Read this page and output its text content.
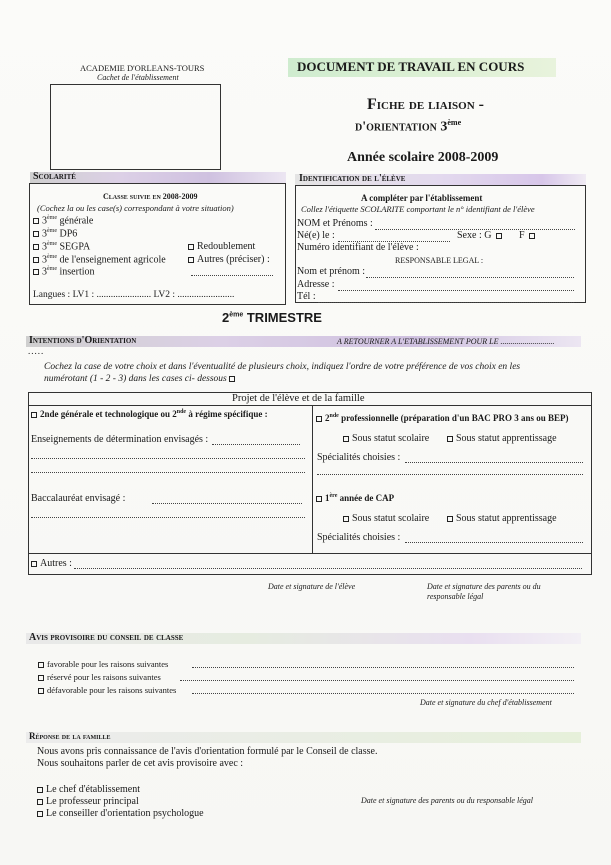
ACADEMIE D'ORLEANS-TOURS
Cachet de l'établissement
DOCUMENT DE TRAVAIL EN COURS
Fiche de liaison -
d'orientation 3ème
Année scolaire 2008-2009
Scolarité
Classe suivie en 2008-2009
(Cochez la ou les case(s) correspondant à votre situation)
3ème générale
3ème DP6
3ème SEGPA
3ème de l'enseignement agricole
3ème insertion
Redoublement
Autres (préciser) :
Langues : LV1 : ....................... LV2 : ........................
Identification de l'élève
A compléter par l'établissement
Collez l'étiquette SCOLARITE comportant le n° identifiant de l'élève
NOM et Prénoms :
Né(e) le :	Sexe : G	F
Numéro identifiant de l'élève :
RESPONSABLE LEGAL :
Nom et prénom :
Adresse :
Tél :
2ème TRIMESTRE
Intentions d'Orientation	A RETOURNER A L'ETABLISSEMENT POUR LE ...........................
.....
Cochez la case de votre choix et dans l'éventualité de plusieurs choix, indiquez l'ordre de votre préférence de vos choix en les
numérotant (1 - 2 - 3) dans les cases ci- dessous
Projet de l'élève et de la famille
2nde générale et technologique ou 2nde à régime spécifique :
Enseignements de détermination envisagés :
Baccalauréat envisagé :
2nde professionnelle (préparation d'un BAC PRO 3 ans ou BEP)
Sous statut scolaire	Sous statut apprentissage
Spécialités choisies :
1ère année de CAP
Sous statut scolaire	Sous statut apprentissage
Spécialités choisies :
Autres :
Date et signature de l'élève	Date et signature des parents ou du
responsable légal
Avis provisoire du conseil de classe
favorable pour les raisons suivantes
réservé pour les raisons suivantes
défavorable pour les raisons suivantes
Date et signature du chef d'établissement
Réponse de la famille
Nous avons pris connaissance de l'avis d'orientation formulé par le Conseil de classe.
Nous souhaitons parler de cet avis provisoire avec :
Le chef d'établissement
Le professeur principal
Le conseiller d'orientation psychologue
Date et signature des parents ou du responsable légal
